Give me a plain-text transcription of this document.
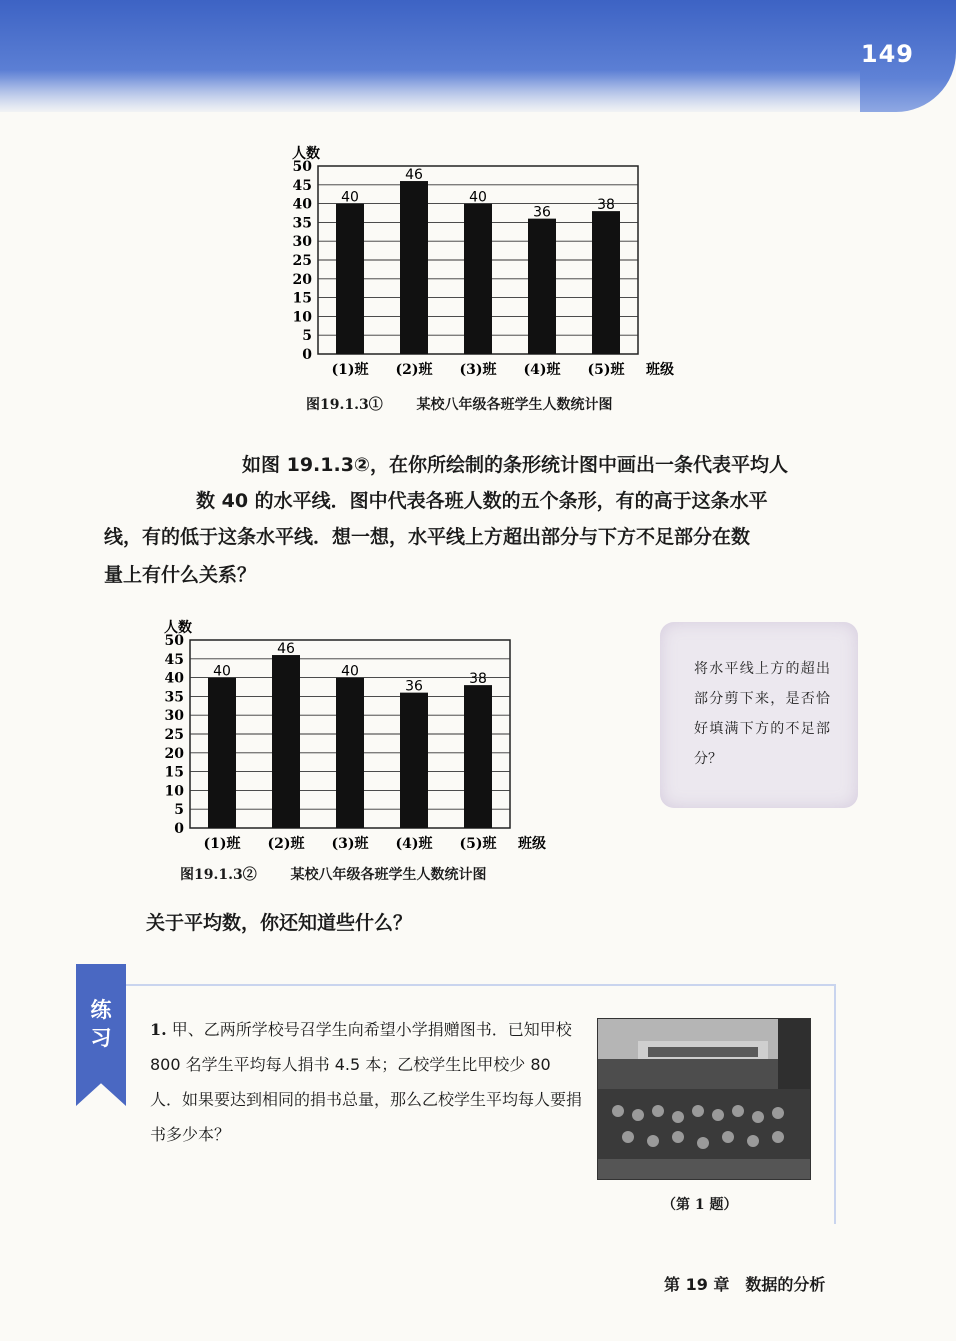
149
0
5
10
15
20
25
30
35
40
45
50
人数
40
(1)班
46
(2)班
40
(3)班
36
(4)班
38
(5)班 班级
图19.1.3① 某校八年级各班学生人数统计图
如图 19.1.3②，在你所绘制的条形统计图中画出一条代表平均人
数 40 的水平线．图中代表各班人数的五个条形，有的高于这条水平
线，有的低于这条水平线．想一想，水平线上方超出部分与下方不足部分在数
量上有什么关系？
0
5
10
15
20
25
30
35
40
45
50
人数
40
(1)班
46
(2)班
40
(3)班
36
(4)班
38
(5)班 班级
图19.1.3② 某校八年级各班学生人数统计图
将水平线上方的超出部分剪下来，是否恰好填满下方的不足部分？
关于平均数，你还知道些什么？
练习	1. 甲、乙两所学校号召学生向希望小学捐赠图书．已知甲校 800 名学生平均每人捐书 4.5 本；乙校学生比甲校少 80 人．如果要达到相同的捐书总量，那么乙校学生平均每人要捐书多少本？
（第 1 题）
第 19 章　数据的分析
